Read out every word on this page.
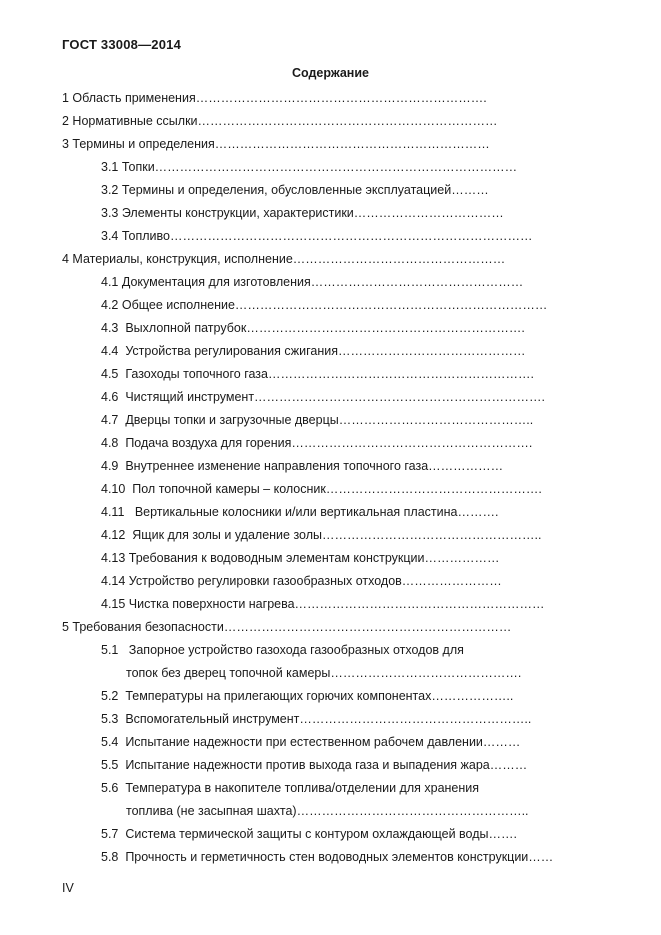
ГОСТ 33008—2014
Содержание
1 Область применения…………………………………………………………….
2 Нормативные ссылки………………………………………………………………
3 Термины и определения…………………………………………………………
3.1 Топки……………………………………………………………………………
3.2 Термины и определения, обусловленные эксплуатацией………
3.3 Элементы конструкции, характеристики………………………………
3.4 Топливо……………………………………………………………………………
4 Материалы, конструкция, исполнение……………………………………………
4.1 Документация для изготовления……………………………………………
4.2 Общее исполнение…………………………………………………………………
4.3  Выхлопной патрубок………………………………………………………….
4.4  Устройства регулирования сжигания………………………………………
4.5  Газоходы топочного газа……………………………………………………….
4.6  Чистящий инструмент…………………………………………………………….
4.7  Дверцы топки и загрузочные дверцы………………………………………..
4.8  Подача воздуха для горения………………………………………………….
4.9  Внутреннее изменение направления топочного газа………………
4.10  Пол топочной камеры – колосник…………………………………………….
4.11   Вертикальные колосники и/или вертикальная пластина……….
4.12  Ящик для золы и удаление золы……………………………………………..
4.13 Требования к водоводным элементам конструкции………………
4.14 Устройство регулировки газообразных отходов……………………
4.15 Чистка поверхности нагрева……………………………………………………
5 Требования безопасности……………………………………………………………
5.1   Запорное устройство газохода газообразных отходов для
топок без дверец топочной камеры……………………………………….
5.2  Температуры на прилегающих горючих компонентах………………..
5.3  Вспомогательный инструмент………………………………………………..
5.4  Испытание надежности при естественном рабочем давлении………
5.5  Испытание надежности против выхода газа и выпадения жара………
5.6  Температура в накопителе топлива/отделении для хранения
топлива (не засыпная шахта)………………………………………………..
5.7  Система термической защиты с контуром охлаждающей воды…….
5.8  Прочность и герметичность стен водоводных элементов конструкции……
IV
